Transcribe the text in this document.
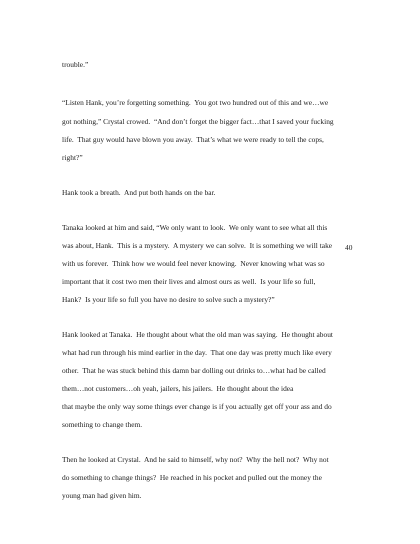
trouble.”
“Listen Hank, you’re forgetting something.  You got two hundred out of this and we…we
got nothing,” Crystal crowed.  “And don’t forget the bigger fact…that I saved your fucking
life.  That guy would have blown you away.  That’s what we were ready to tell the cops,
right?”
Hank took a breath.  And put both hands on the bar.
Tanaka looked at him and said, “We only want to look.  We only want to see what all this
was about, Hank.  This is a mystery.  A mystery we can solve.  It is something we will take
with us forever.  Think how we would feel never knowing.  Never knowing what was so
important that it cost two men their lives and almost ours as well.  Is your life so full,
40
Hank?  Is your life so full you have no desire to solve such a mystery?”
Hank looked at Tanaka.  He thought about what the old man was saying.  He thought about
what had run through his mind earlier in the day.  That one day was pretty much like every
other.  That he was stuck behind this damn bar dolling out drinks to…what had be called
them…not customers…oh yeah, jailers, his jailers.  He thought about the idea
that maybe the only way some things ever change is if you actually get off your ass and do
something to change them.
Then he looked at Crystal.  And he said to himself, why not?  Why the hell not?  Why not
do something to change things?  He reached in his pocket and pulled out the money the
young man had given him.
